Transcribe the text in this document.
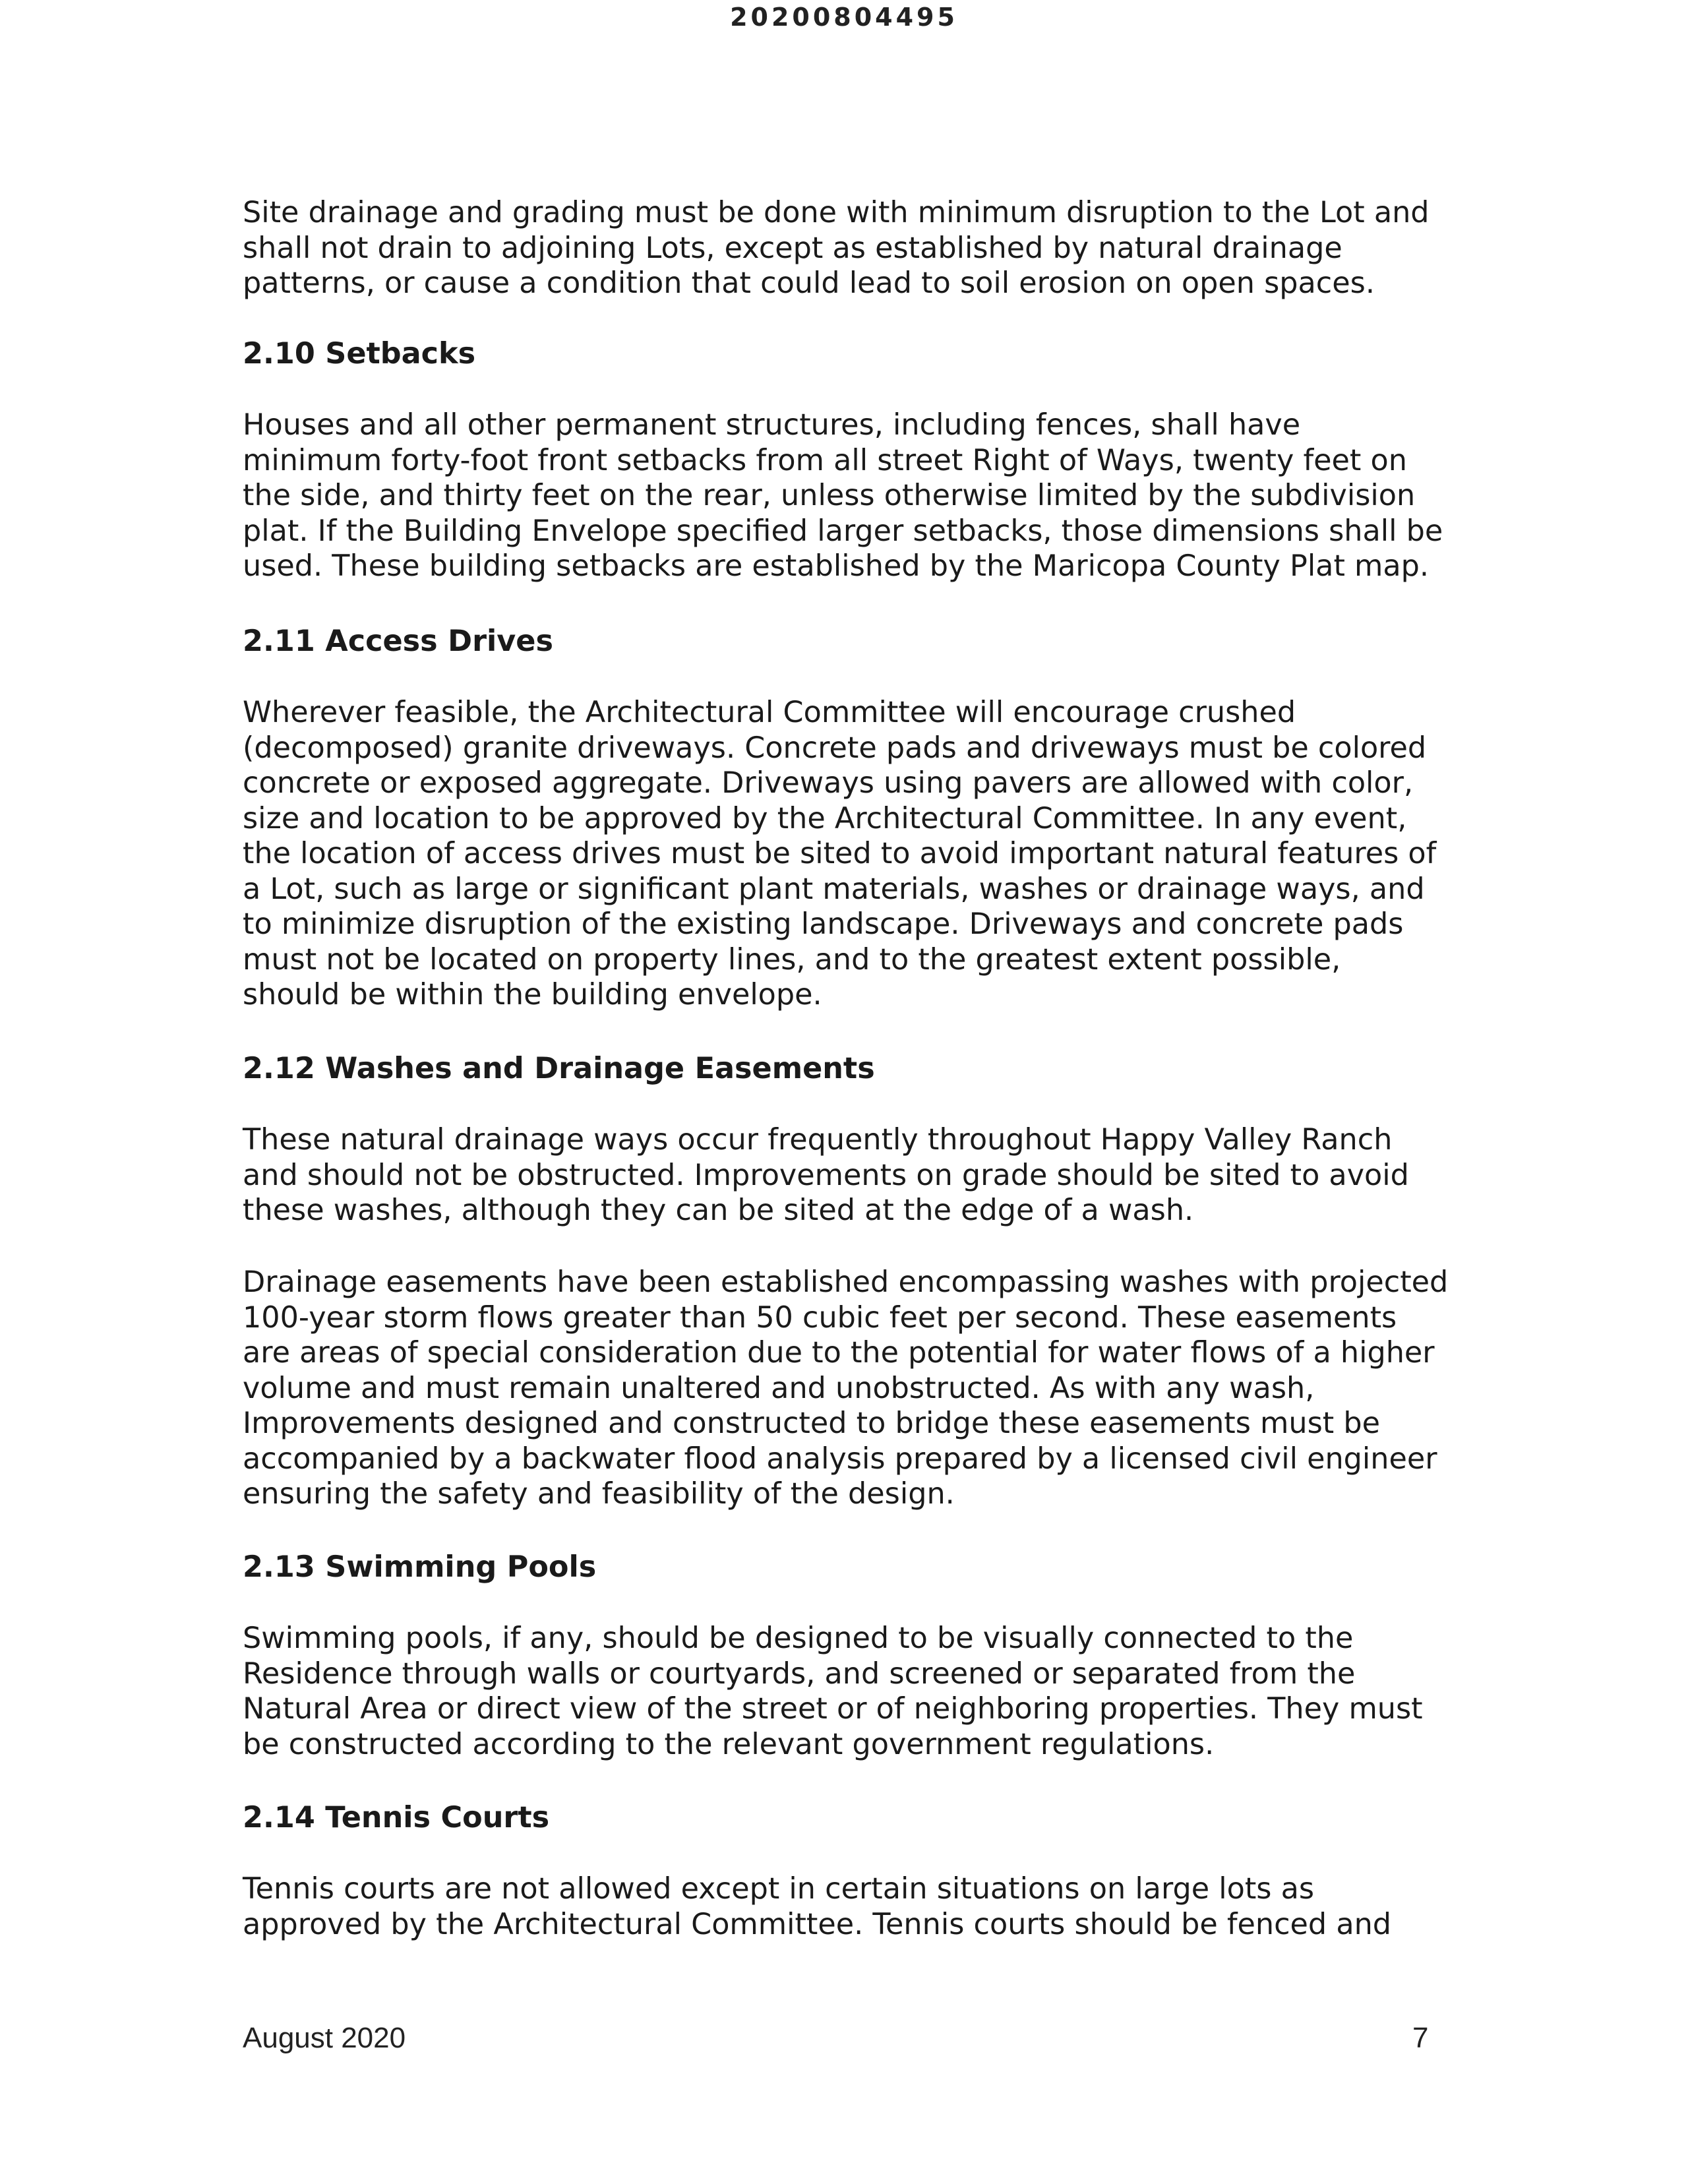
20200804495

Site drainage and grading must be done with minimum disruption to the Lot and
shall not drain to adjoining Lots, except as established by natural drainage
patterns, or cause a condition that could lead to soil erosion on open spaces.

2.10 Setbacks

Houses and all other permanent structures, including fences, shall have
minimum forty-foot front setbacks from all street Right of Ways, twenty feet on
the side, and thirty feet on the rear, unless otherwise limited by the subdivision
plat. If the Building Envelope specified larger setbacks, those dimensions shall be
used. These building setbacks are established by the Maricopa County Plat map.

2.11 Access Drives

Wherever feasible, the Architectural Committee will encourage crushed
(decomposed) granite driveways. Concrete pads and driveways must be colored
concrete or exposed aggregate. Driveways using pavers are allowed with color,
size and location to be approved by the Architectural Committee. In any event,
the location of access drives must be sited to avoid important natural features of
a Lot, such as large or significant plant materials, washes or drainage ways, and
to minimize disruption of the existing landscape. Driveways and concrete pads
must not be located on property lines, and to the greatest extent possible,
should be within the building envelope.

2.12 Washes and Drainage Easements

These natural drainage ways occur frequently throughout Happy Valley Ranch
and should not be obstructed. Improvements on grade should be sited to avoid
these washes, although they can be sited at the edge of a wash.

Drainage easements have been established encompassing washes with projected
100-year storm flows greater than 50 cubic feet per second. These easements
are areas of special consideration due to the potential for water flows of a higher
volume and must remain unaltered and unobstructed. As with any wash,
Improvements designed and constructed to bridge these easements must be
accompanied by a backwater flood analysis prepared by a licensed civil engineer
ensuring the safety and feasibility of the design.

2.13 Swimming Pools

Swimming pools, if any, should be designed to be visually connected to the
Residence through walls or courtyards, and screened or separated from the
Natural Area or direct view of the street or of neighboring properties. They must
be constructed according to the relevant government regulations.

2.14 Tennis Courts

Tennis courts are not allowed except in certain situations on large lots as
approved by the Architectural Committee. Tennis courts should be fenced and

August 2020	7
